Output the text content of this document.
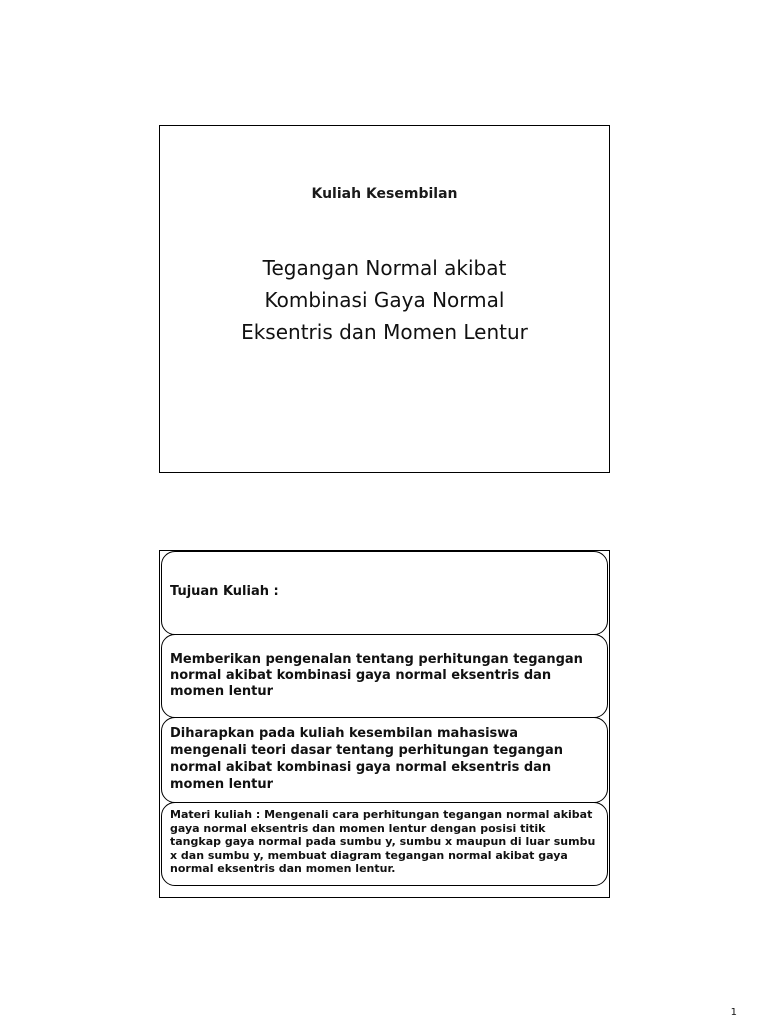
Kuliah Kesembilan
Tegangan Normal akibat
Kombinasi Gaya Normal
Eksentris dan Momen Lentur
Tujuan Kuliah :
Memberikan pengenalan tentang perhitungan tegangan normal akibat kombinasi gaya normal eksentris dan momen lentur
Diharapkan pada kuliah kesembilan mahasiswa mengenali teori dasar tentang perhitungan tegangan normal akibat kombinasi gaya normal eksentris dan momen lentur
Materi kuliah : Mengenali cara perhitungan tegangan normal akibat gaya normal eksentris dan momen lentur dengan posisi titik tangkap gaya normal pada sumbu y, sumbu x maupun di luar sumbu x dan sumbu y, membuat diagram tegangan normal akibat gaya normal eksentris dan momen lentur.
1
